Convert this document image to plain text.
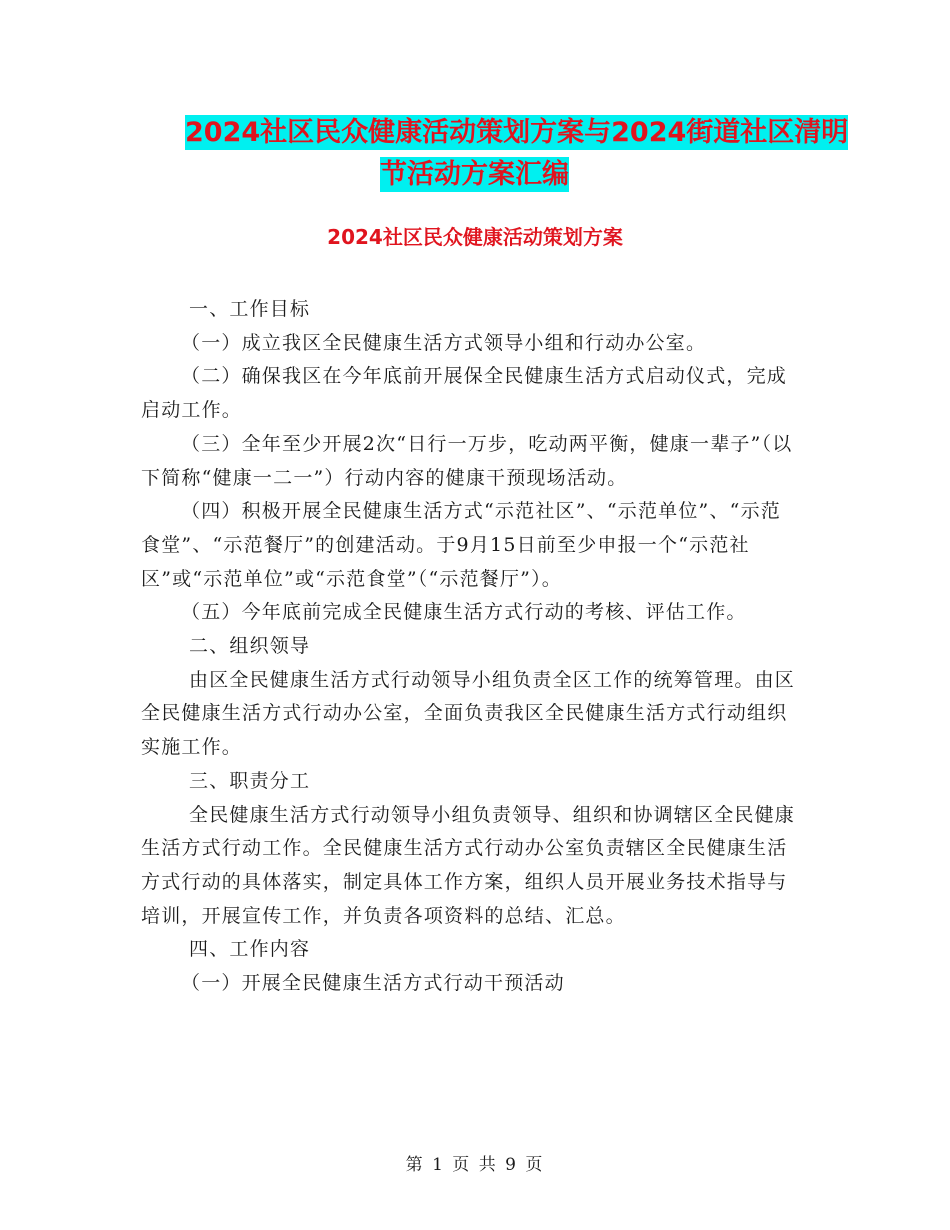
2024社区民众健康活动策划方案与2024街道社区清明
节活动方案汇编
2024社区民众健康活动策划方案

一、工作目标

（一）成立我区全民健康生活方式领导小组和行动办公室。

（二）确保我区在今年底前开展保全民健康生活方式启动仪式，完成启动工作。

（三）全年至少开展2次“日行一万步，吃动两平衡，健康一辈子”（以下简称“健康一二一”）行动内容的健康干预现场活动。

（四）积极开展全民健康生活方式“示范社区”、“示范单位”、“示范食堂”、“示范餐厅”的创建活动。于9月15日前至少申报一个“示范社区”或“示范单位”或“示范食堂”（“示范餐厅”）。

（五）今年底前完成全民健康生活方式行动的考核、评估工作。

二、组织领导

由区全民健康生活方式行动领导小组负责全区工作的统筹管理。由区全民健康生活方式行动办公室，全面负责我区全民健康生活方式行动组织实施工作。

三、职责分工

全民健康生活方式行动领导小组负责领导、组织和协调辖区全民健康生活方式行动工作。全民健康生活方式行动办公室负责辖区全民健康生活方式行动的具体落实，制定具体工作方案，组织人员开展业务技术指导与培训，开展宣传工作，并负责各项资料的总结、汇总。

四、工作内容

（一）开展全民健康生活方式行动干预活动

第 1 页 共 9 页
